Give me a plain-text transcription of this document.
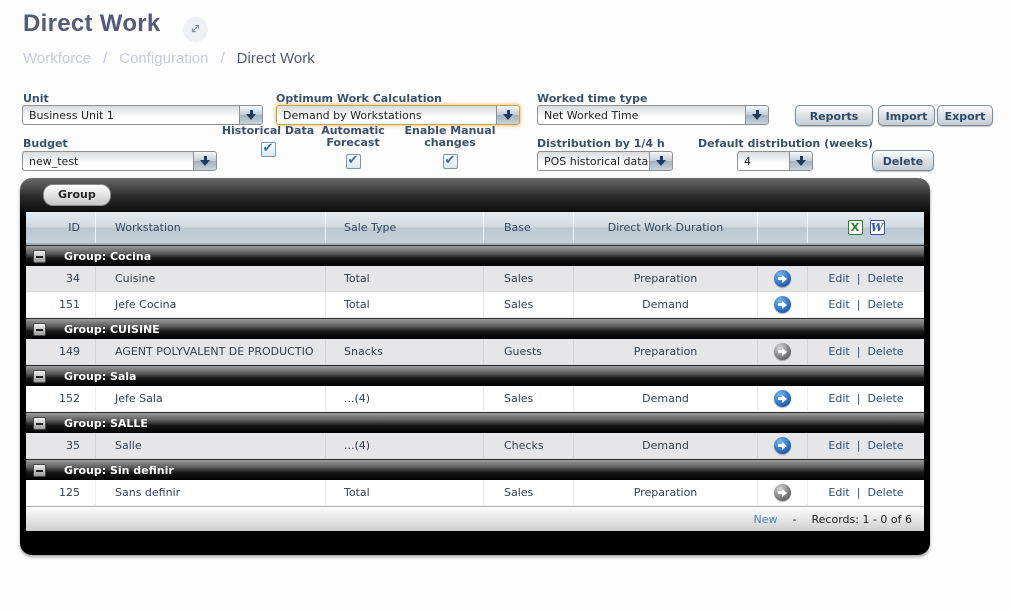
Direct Work
Workforce / Configuration / Direct Work
Unit
Business Unit 1
Optimum Work Calculation
Demand by Workstations
Worked time type
Net Worked Time	Reports	Import	Export
Budget
new_test
Historical Data
✔ Automatic Forecast
✔
Enable Manual changes
✔	Distribution by 1/4 h
POS historical data
Default distribution (weeks)
4	Delete
Group
ID	Workstation	Sale Type	Base	Direct Work Duration	X W
Group: Cocina
34	Cuisine	Total	Sales	Preparation	Edit | Delete
151	Jefe Cocina	Total	Sales	Demand	Edit | Delete
Group: CUISINE
149	AGENT POLYVALENT DE PRODUCTIO	Snacks	Guests	Preparation	Edit | Delete
Group: Sala
152	Jefe Sala	...(4)	Sales	Demand	Edit | Delete
Group: SALLE
35	Salle	...(4)	Checks	Demand	Edit | Delete
Group: Sin definir
125	Sans definir	Total	Sales	Preparation	Edit | Delete
New - Records: 1 - 0 of 6
